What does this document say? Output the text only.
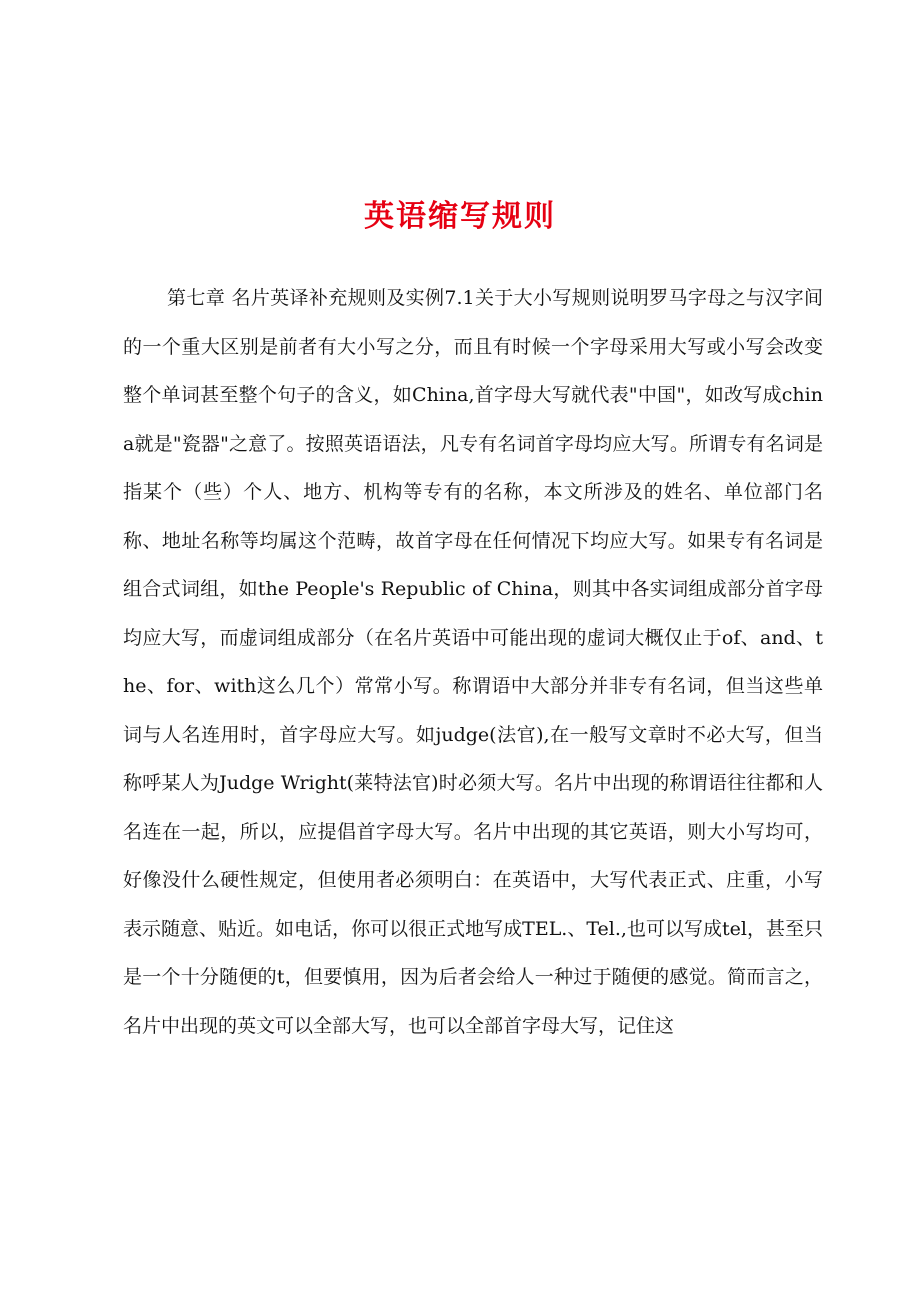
英语缩写规则

第七章 名片英译补充规则及实例7.1关于大小写规则说明罗马字母之与汉字间的一个重大区别是前者有大小写之分，而且有时候一个字母采用大写或小写会改变整个单词甚至整个句子的含义，如China,首字母大写就代表"中国"，如改写成china就是"瓷器"之意了。按照英语语法，凡专有名词首字母均应大写。所谓专有名词是指某个（些）个人、地方、机构等专有的名称，本文所涉及的姓名、单位部门名称、地址名称等均属这个范畴，故首字母在任何情况下均应大写。如果专有名词是组合式词组，如the People's Republic of China，则其中各实词组成部分首字母均应大写，而虚词组成部分（在名片英语中可能出现的虚词大概仅止于of、and、the、for、with这么几个）常常小写。称谓语中大部分并非专有名词，但当这些单词与人名连用时，首字母应大写。如judge(法官),在一般写文章时不必大写，但当称呼某人为Judge Wright(莱特法官)时必须大写。名片中出现的称谓语往往都和人名连在一起，所以，应提倡首字母大写。名片中出现的其它英语，则大小写均可，好像没什么硬性规定，但使用者必须明白：在英语中，大写代表正式、庄重，小写表示随意、贴近。如电话，你可以很正式地写成TEL.、Tel.,也可以写成tel，甚至只是一个十分随便的t，但要慎用，因为后者会给人一种过于随便的感觉。简而言之，名片中出现的英文可以全部大写，也可以全部首字母大写，记住这
